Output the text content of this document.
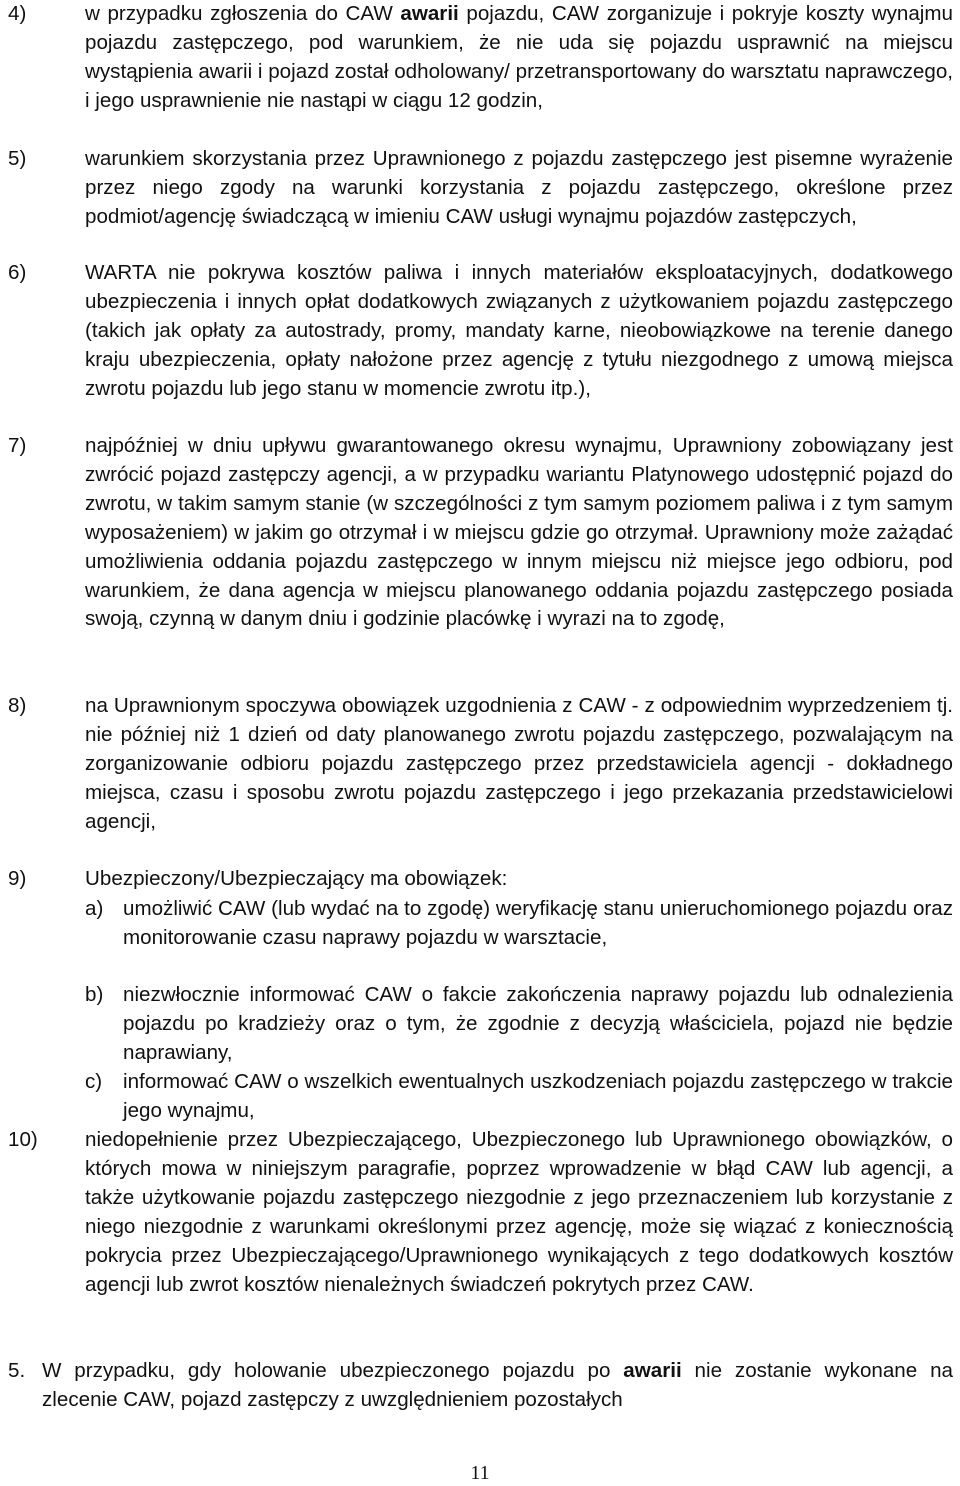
4)	w przypadku zgłoszenia do CAW awarii pojazdu, CAW zorganizuje i pokryje koszty wynajmu pojazdu zastępczego, pod warunkiem, że nie uda się pojazdu usprawnić na miejscu wystąpienia awarii i pojazd został odholowany/ przetransportowany do warsztatu naprawczego, i jego usprawnienie nie nastąpi w ciągu 12 godzin,
5)	warunkiem skorzystania przez Uprawnionego z pojazdu zastępczego jest pisemne wyrażenie przez niego zgody na warunki korzystania z pojazdu zastępczego, określone przez podmiot/agencję świadczącą w imieniu CAW usługi wynajmu pojazdów zastępczych,
6)	WARTA nie pokrywa kosztów paliwa i innych materiałów eksploatacyjnych, dodatkowego ubezpieczenia i innych opłat dodatkowych związanych z użytkowaniem pojazdu zastępczego (takich jak opłaty za autostrady, promy, mandaty karne, nieobowiązkowe na terenie danego kraju ubezpieczenia, opłaty nałożone przez agencję z tytułu niezgodnego z umową miejsca zwrotu pojazdu lub jego stanu w momencie zwrotu itp.),
7)	najpóźniej w dniu upływu gwarantowanego okresu wynajmu, Uprawniony zobowiązany jest zwrócić pojazd zastępczy agencji, a w przypadku wariantu Platynowego udostępnić pojazd do zwrotu, w takim samym stanie (w szczególności z tym samym poziomem paliwa i z tym samym wyposażeniem) w jakim go otrzymał i w miejscu gdzie go otrzymał. Uprawniony może zażądać umożliwienia oddania pojazdu zastępczego w innym miejscu niż miejsce jego odbioru, pod warunkiem, że dana agencja w miejscu planowanego oddania pojazdu zastępczego posiada swoją, czynną w danym dniu i godzinie placówkę i wyrazi na to zgodę,
8)	na Uprawnionym spoczywa obowiązek uzgodnienia z CAW - z odpowiednim wyprzedzeniem tj. nie później niż 1 dzień od daty planowanego zwrotu pojazdu zastępczego, pozwalającym na zorganizowanie odbioru pojazdu zastępczego przez przedstawiciela agencji - dokładnego miejsca, czasu i sposobu zwrotu pojazdu zastępczego i jego przekazania przedstawicielowi agencji,
9)	Ubezpieczony/Ubezpieczający ma obowiązek:
a) umożliwić CAW (lub wydać na to zgodę) weryfikację stanu unieruchomionego pojazdu oraz monitorowanie czasu naprawy pojazdu w warsztacie,
b) niezwłocznie informować CAW o fakcie zakończenia naprawy pojazdu lub odnalezienia pojazdu po kradzieży oraz o tym, że zgodnie z decyzją właściciela, pojazd nie będzie naprawiany,
c) informować CAW o wszelkich ewentualnych uszkodzeniach pojazdu zastępczego w trakcie jego wynajmu,
10) niedopełnienie przez Ubezpieczającego, Ubezpieczonego lub Uprawnionego obowiązków, o których mowa w niniejszym paragrafie, poprzez wprowadzenie w błąd CAW lub agencji, a także użytkowanie pojazdu zastępczego niezgodnie z jego przeznaczeniem lub korzystanie z niego niezgodnie z warunkami określonymi przez agencję, może się wiązać z koniecznością pokrycia przez Ubezpieczającego/Uprawnionego wynikających z tego dodatkowych kosztów agencji lub zwrot kosztów nienależnych świadczeń pokrytych przez CAW.
5. W przypadku, gdy holowanie ubezpieczonego pojazdu po awarii nie zostanie wykonane na zlecenie CAW, pojazd zastępczy z uwzględnieniem pozostałych
11
